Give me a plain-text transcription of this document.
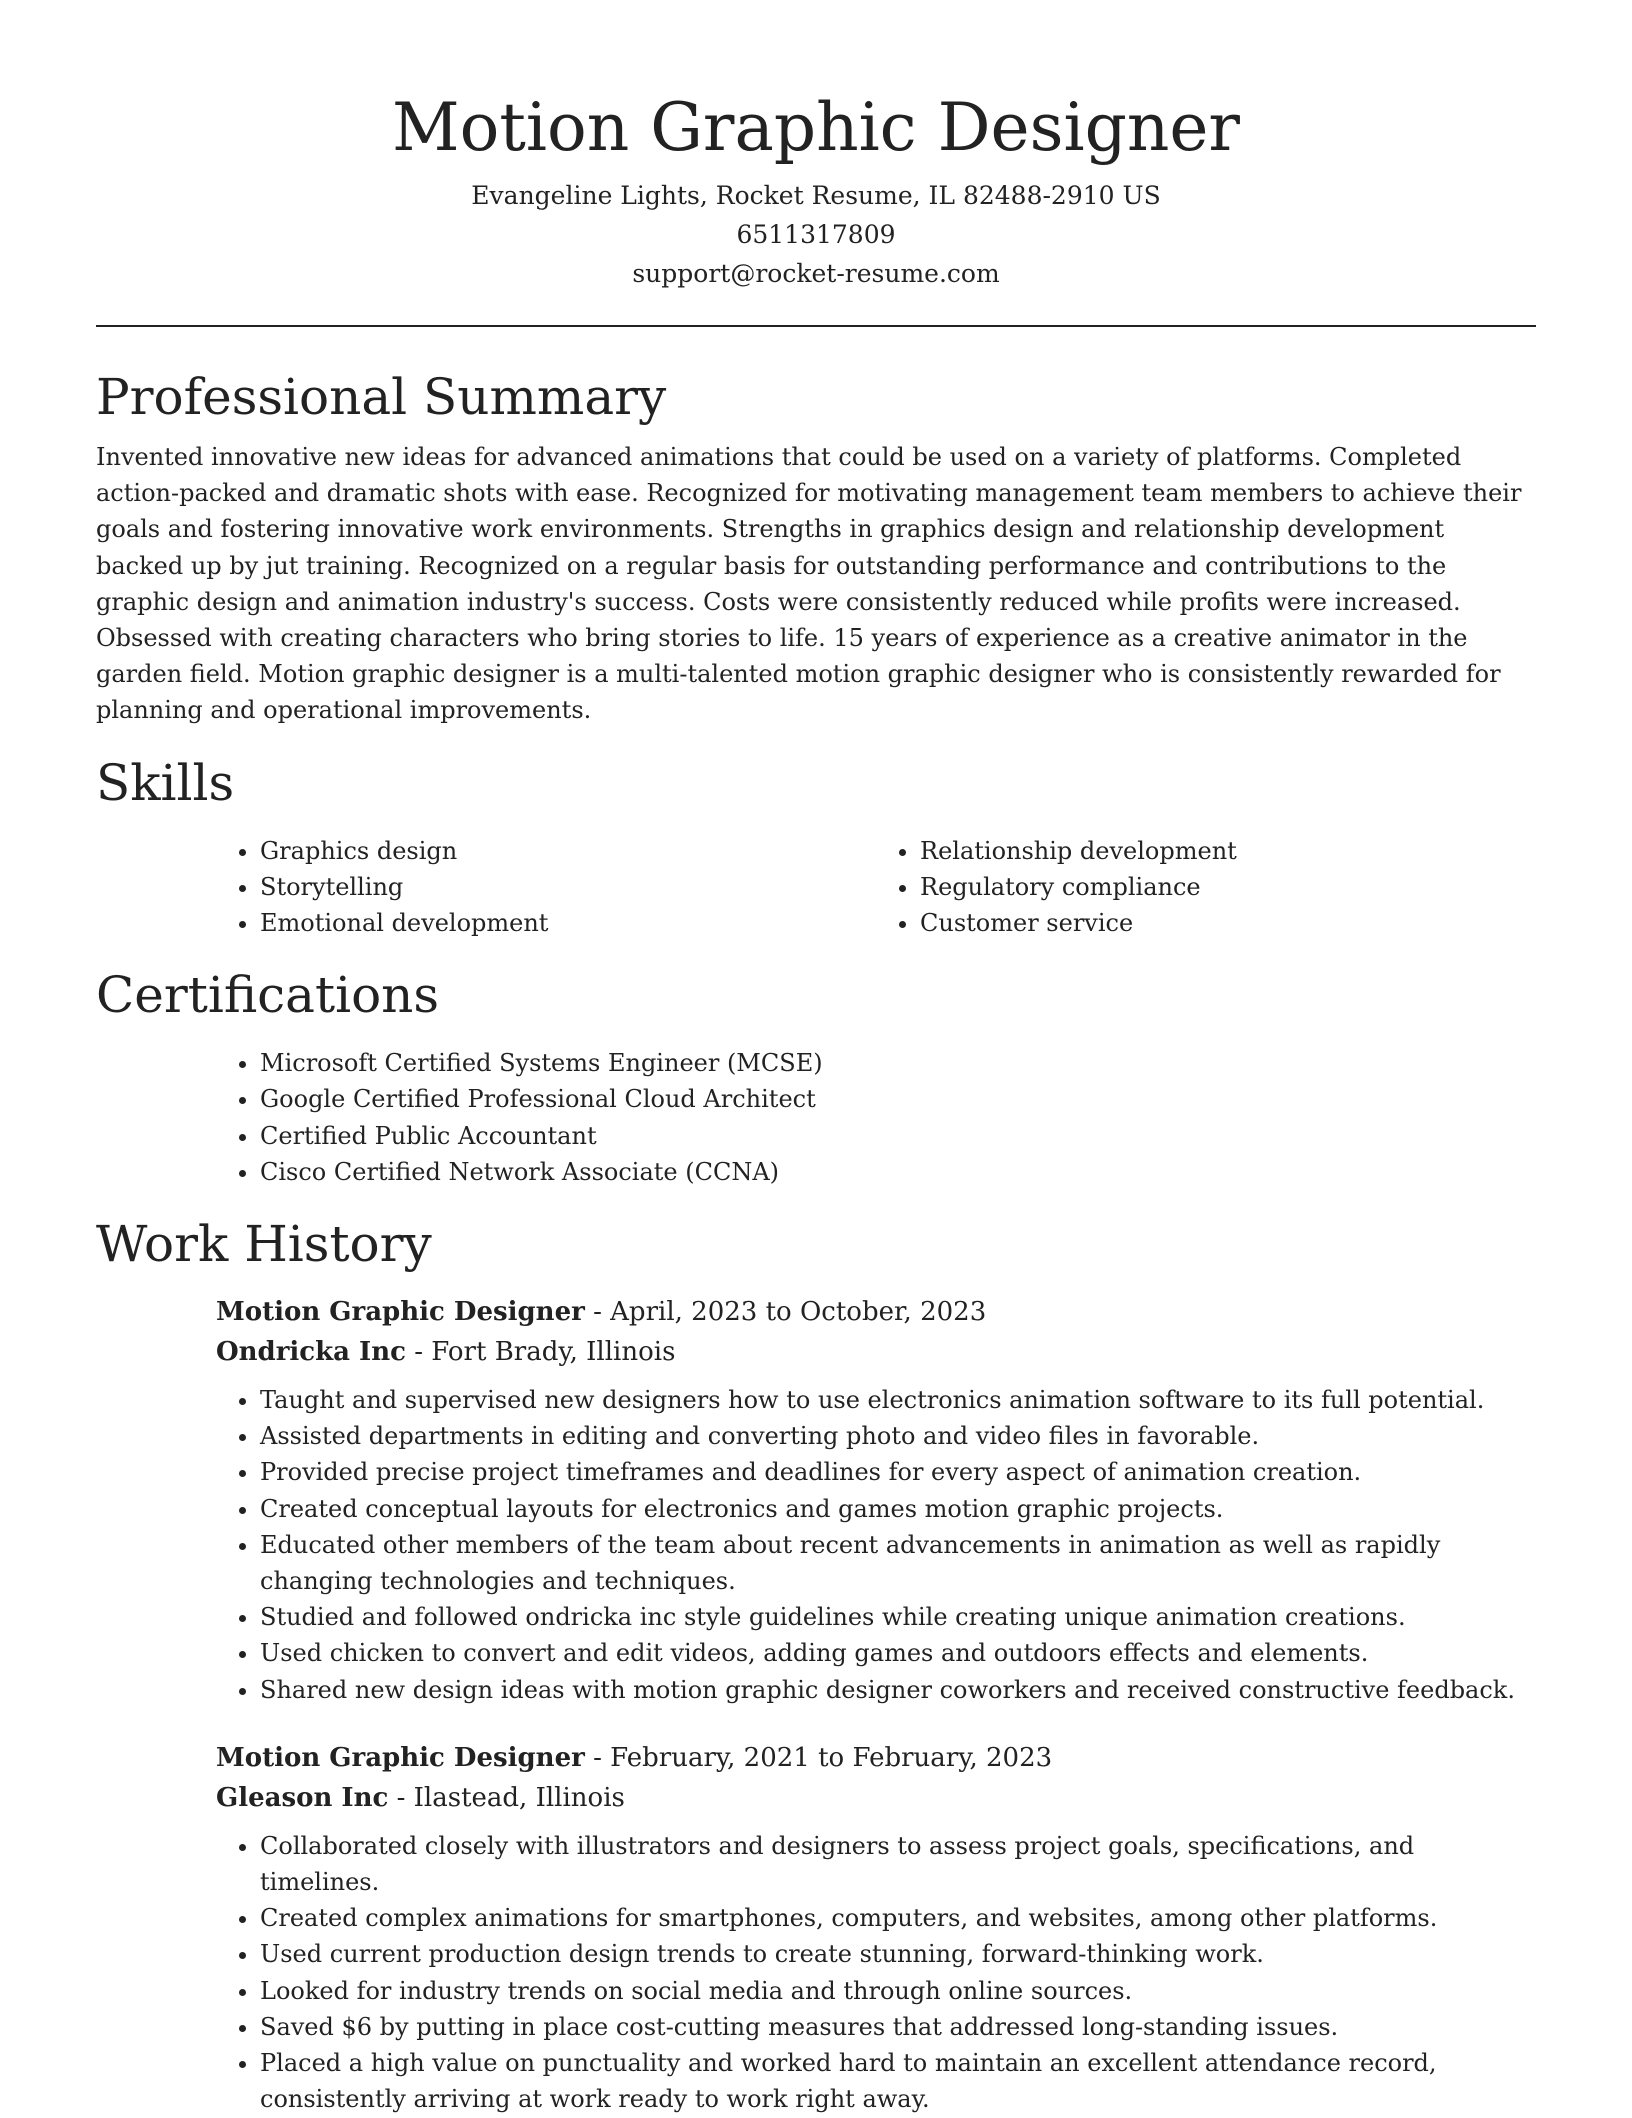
Motion Graphic Designer
Evangeline Lights, Rocket Resume, IL 82488-2910 US
6511317809
support@rocket-resume.com
Professional Summary

Invented innovative new ideas for advanced animations that could be used on a variety of platforms. Completed action-packed and dramatic shots with ease. Recognized for motivating management team members to achieve their goals and fostering innovative work environments. Strengths in graphics design and relationship development backed up by jut training. Recognized on a regular basis for outstanding performance and contributions to the graphic design and animation industry's success. Costs were consistently reduced while profits were increased. Obsessed with creating characters who bring stories to life. 15 years of experience as a creative animator in the garden field. Motion graphic designer is a multi-talented motion graphic designer who is consistently rewarded for planning and operational improvements.

Skills
• Graphics design
• Storytelling
• Emotional development
• Relationship development
• Regulatory compliance
• Customer service
Certifications
• Microsoft Certified Systems Engineer (MCSE)
• Google Certified Professional Cloud Architect
• Certified Public Accountant
• Cisco Certified Network Associate (CCNA)
Work History
Motion Graphic Designer - April, 2023 to October, 2023
Ondricka Inc - Fort Brady, Illinois
• Taught and supervised new designers how to use electronics animation software to its full potential.
• Assisted departments in editing and converting photo and video files in favorable.
• Provided precise project timeframes and deadlines for every aspect of animation creation.
• Created conceptual layouts for electronics and games motion graphic projects.
• Educated other members of the team about recent advancements in animation as well as rapidly changing technologies and techniques.
• Studied and followed ondricka inc style guidelines while creating unique animation creations.
• Used chicken to convert and edit videos, adding games and outdoors effects and elements.
• Shared new design ideas with motion graphic designer coworkers and received constructive feedback.
Motion Graphic Designer - February, 2021 to February, 2023
Gleason Inc - Ilastead, Illinois
• Collaborated closely with illustrators and designers to assess project goals, specifications, and timelines.
• Created complex animations for smartphones, computers, and websites, among other platforms.
• Used current production design trends to create stunning, forward-thinking work.
• Looked for industry trends on social media and through online sources.
• Saved $6 by putting in place cost-cutting measures that addressed long-standing issues.
• Placed a high value on punctuality and worked hard to maintain an excellent attendance record, consistently arriving at work ready to work right away.
